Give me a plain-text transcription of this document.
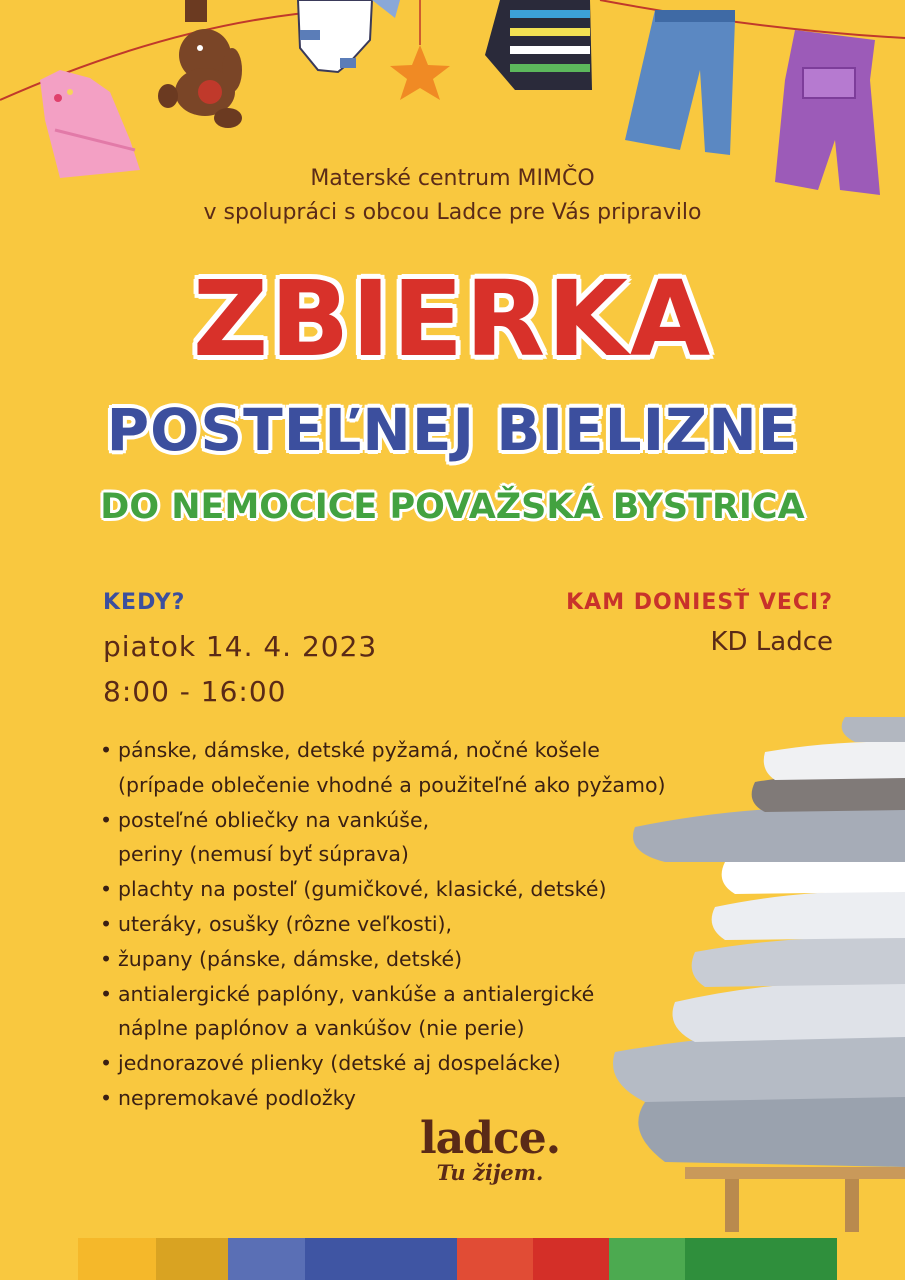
Materské centrum MIMČO
v spolupráci s obcou Ladce pre Vás pripravilo
ZBIERKA
POSTEĽNEJ BIELIZNE
DO NEMOCICE POVAŽSKÁ BYSTRICA
KEDY?
piatok 14. 4. 2023
8:00 - 16:00
KAM DONIESŤ VECI?
KD Ladce
• pánske, dámske, detské pyžamá, nočné košele
(prípade oblečenie vhodné a použiteľné ako pyžamo)
• posteľné obliečky na vankúše,
periny (nemusí byť súprava)
• plachty na posteľ (gumičkové, klasické, detské)
• uteráky, osušky (rôzne veľkosti),
• župany (pánske, dámske, detské)
• antialergické paplóny, vankúše a antialergické
náplne paplónov a vankúšov (nie perie)
• jednorazové plienky (detské aj dospelácke)
• nepremokavé podložky
ladce.
Tu žijem.
